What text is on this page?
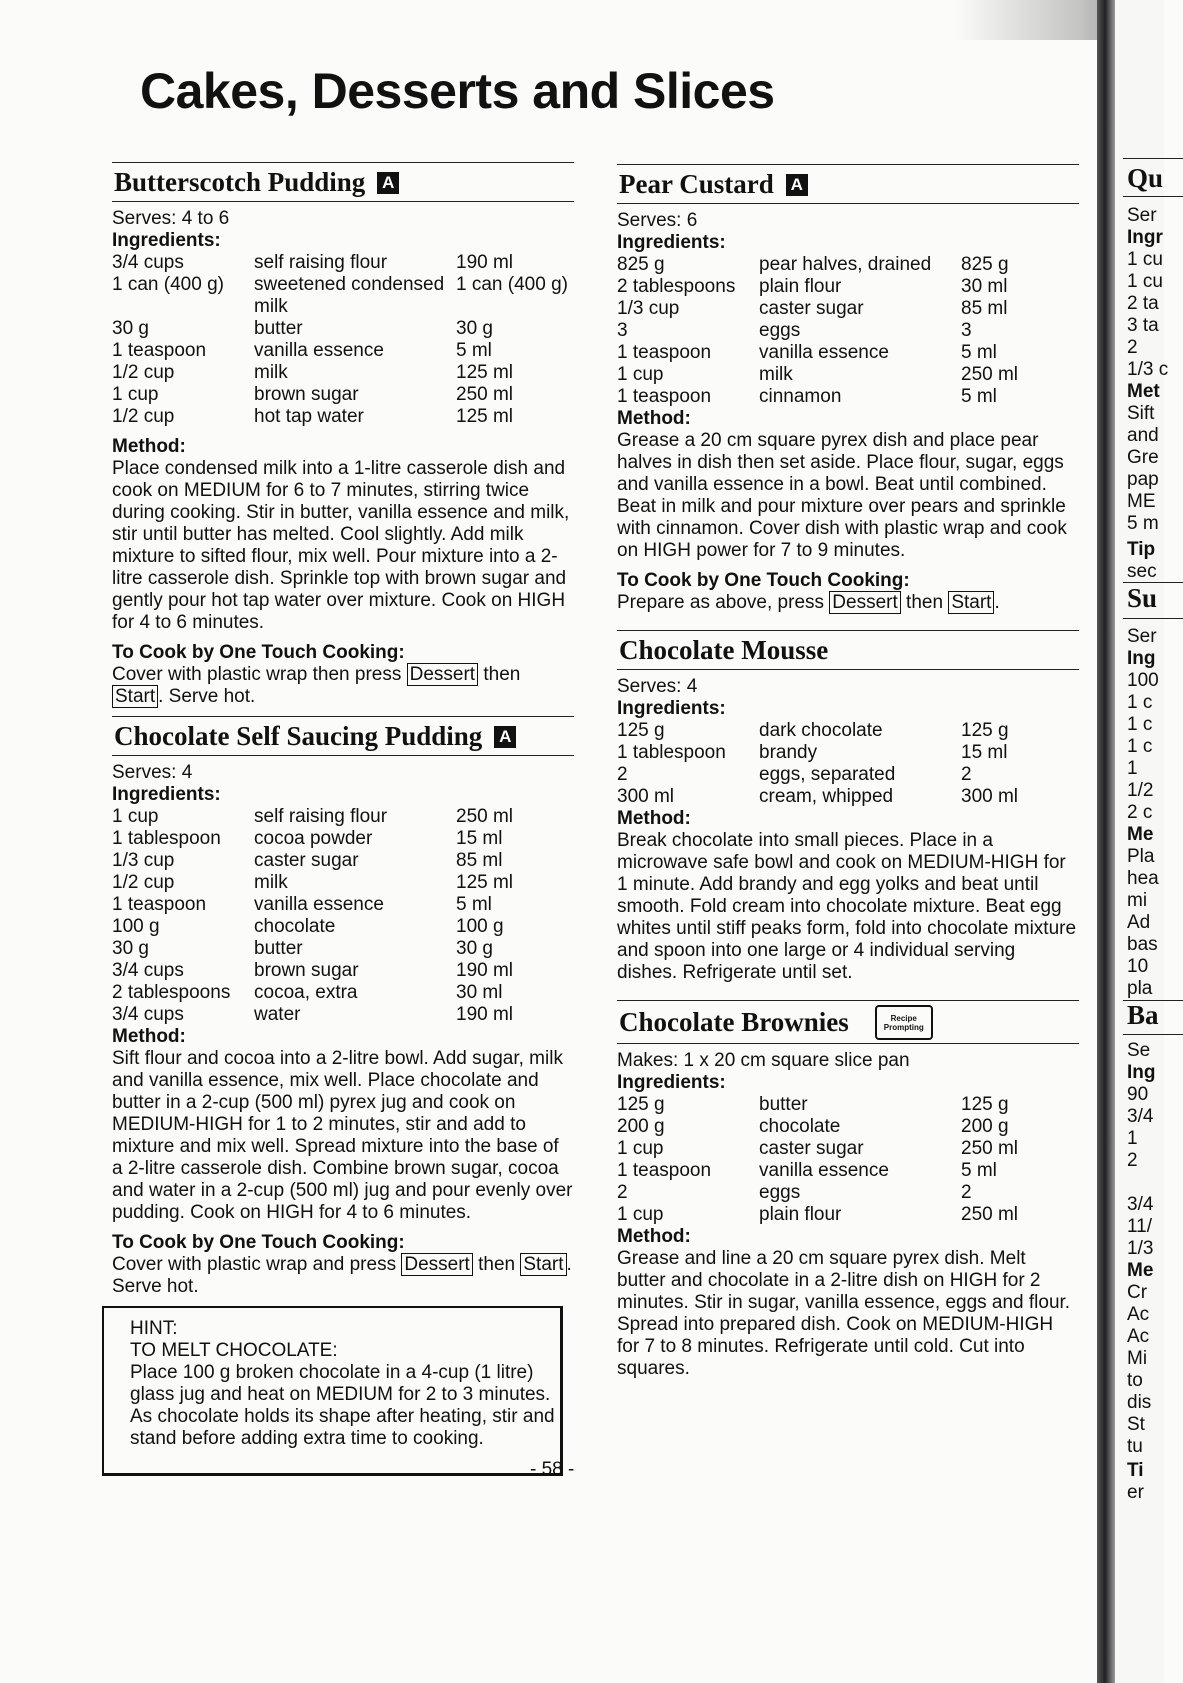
Cakes, Desserts and Slices
Butterscotch Pudding A
Serves: 4 to 6
Ingredients:
3/4 cups	self raising flour	190 ml
1 can (400 g)	sweetened condensed milk	1 can (400 g)
30 g	butter	30 g
1 teaspoon	vanilla essence	5 ml
1/2 cup	milk	125 ml
1 cup	brown sugar	250 ml
1/2 cup	hot tap water	125 ml
Method:

Place condensed milk into a 1-litre casserole dish and cook on MEDIUM for 6 to 7 minutes, stirring twice during cooking. Stir in butter, vanilla essence and milk, stir until butter has melted. Cool slightly. Add milk mixture to sifted flour, mix well. Pour mixture into a 2-litre casserole dish. Sprinkle top with brown sugar and gently pour hot tap water over mixture. Cook on HIGH for 4 to 6 minutes.

To Cook by One Touch Cooking:

Cover with plastic wrap then press Dessert then Start . Serve hot.

Chocolate Self Saucing Pudding A
Serves: 4
Ingredients:
1 cup	self raising flour	250 ml
1 tablespoon	cocoa powder	15 ml
1/3 cup	caster sugar	85 ml
1/2 cup	milk	125 ml
1 teaspoon	vanilla essence	5 ml
100 g	chocolate	100 g
30 g	butter	30 g
3/4 cups	brown sugar	190 ml
2 tablespoons	cocoa, extra	30 ml
3/4 cups	water	190 ml
Method:

Sift flour and cocoa into a 2-litre bowl. Add sugar, milk and vanilla essence, mix well. Place chocolate and butter in a 2-cup (500 ml) pyrex jug and cook on MEDIUM-HIGH for 1 to 2 minutes, stir and add to mixture and mix well. Spread mixture into the base of a 2-litre casserole dish. Combine brown sugar, cocoa and water in a 2-cup (500 ml) jug and pour evenly over pudding. Cook on HIGH for 4 to 6 minutes.

To Cook by One Touch Cooking:

Cover with plastic wrap and press Dessert then Start . Serve hot.

HINT:
TO MELT CHOCOLATE:
Place 100 g broken chocolate in a 4-cup (1 litre) glass jug and heat on MEDIUM for 2 to 3 minutes. As chocolate holds its shape after heating, stir and stand before adding extra time to cooking.
Pear Custard A
Serves: 6
Ingredients:
825 g	pear halves, drained	825 g
2 tablespoons	plain flour	30 ml
1/3 cup	caster sugar	85 ml
3	eggs	3
1 teaspoon	vanilla essence	5 ml
1 cup	milk	250 ml
1 teaspoon	cinnamon	5 ml
Method:

Grease a 20 cm square pyrex dish and place pear halves in dish then set aside. Place flour, sugar, eggs and vanilla essence in a bowl. Beat until combined. Beat in milk and pour mixture over pears and sprinkle with cinnamon. Cover dish with plastic wrap and cook on HIGH power for 7 to 9 minutes.

To Cook by One Touch Cooking:

Prepare as above, press Dessert then Start .

Chocolate Mousse
Serves: 4
Ingredients:
125 g	dark chocolate	125 g
1 tablespoon	brandy	15 ml
2	eggs, separated	2
300 ml	cream, whipped	300 ml
Method:

Break chocolate into small pieces. Place in a microwave safe bowl and cook on MEDIUM-HIGH for 1 minute. Add brandy and egg yolks and beat until smooth. Fold cream into chocolate mixture. Beat egg whites until stiff peaks form, fold into chocolate mixture and spoon into one large or 4 individual serving dishes. Refrigerate until set.

Chocolate Brownies	Recipe
Prompting
Makes: 1 x 20 cm square slice pan
Ingredients:
125 g	butter	125 g
200 g	chocolate	200 g
1 cup	caster sugar	250 ml
1 teaspoon	vanilla essence	5 ml
2	eggs	2
1 cup	plain flour	250 ml
Method:

Grease and line a 20 cm square pyrex dish. Melt butter and chocolate in a 2-litre dish on HIGH for 2 minutes. Stir in sugar, vanilla essence, eggs and flour. Spread into prepared dish. Cook on MEDIUM-HIGH for 7 to 8 minutes. Refrigerate until cold. Cut into squares.

- 58 -
Qu
Ser
Ingr
1 cu
1 cu
2 ta
3 ta
2
1/3 c
Met
Sift
and
Gre
pap
ME
5 m
Tip
sec
Su
Ser
Ing
100
1 c
1 c
1 c
1
1/2
2 c
Me
Pla
hea
mi
Ad
bas
10
pla
Ba
Se
Ing
90
3/4
1
2
3/4
11/
1/3
Me
Cr
Ac
Ac
Mi
to
dis
St
tu
Ti
er
